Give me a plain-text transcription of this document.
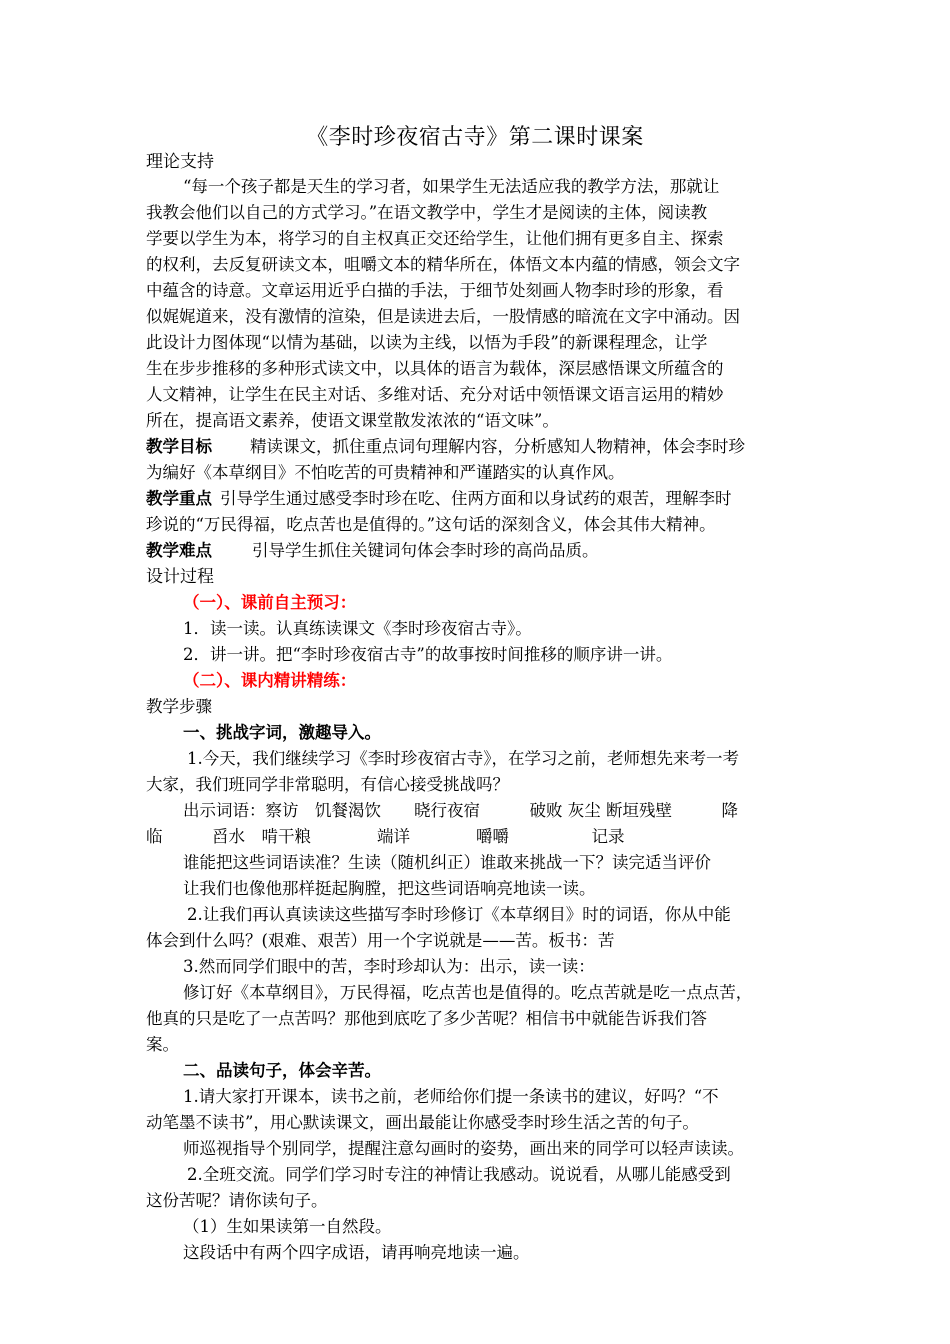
《李时珍夜宿古寺》第二课时课案
理论支持
“每一个孩子都是天生的学习者，如果学生无法适应我的教学方法，那就让
我教会他们以自己的方式学习。”在语文教学中，学生才是阅读的主体，阅读教
学要以学生为本，将学习的自主权真正交还给学生，让他们拥有更多自主、探索
的权利，去反复研读文本，咀嚼文本的精华所在，体悟文本内蕴的情感，领会文字
中蕴含的诗意。文章运用近乎白描的手法，于细节处刻画人物李时珍的形象，看
似娓娓道来，没有激情的渲染，但是读进去后，一股情感的暗流在文字中涌动。因
此设计力图体现“以情为基础，以读为主线，以悟为手段”的新课程理念，让学
生在步步推移的多种形式读文中，以具体的语言为载体，深层感悟课文所蕴含的
人文精神，让学生在民主对话、多维对话、充分对话中领悟课文语言运用的精妙
所在，提高语文素养，使语文课堂散发浓浓的“语文味”。
教学目标 精读课文，抓住重点词句理解内容，分析感知人物精神，体会李时珍
为编好《本草纲目》不怕吃苦的可贵精神和严谨踏实的认真作风。
教学重点 引导学生通过感受李时珍在吃、住两方面和以身试药的艰苦，理解李时
珍说的“万民得福，吃点苦也是值得的。”这句话的深刻含义，体会其伟大精神。
教学难点 引导学生抓住关键词句体会李时珍的高尚品质。
设计过程
（一）、课前自主预习：
1．读一读。认真练读课文《李时珍夜宿古寺》。
2．讲一讲。把“李时珍夜宿古寺”的故事按时间推移的顺序讲一讲。
（二）、课内精讲精练：
教学步骤
一、挑战字词，激趣导入。
1.今天，我们继续学习《李时珍夜宿古寺》，在学习之前，老师想先来考一考
大家，我们班同学非常聪明，有信心接受挑战吗？
出示词语：察访　饥餐渴饮　　晓行夜宿　　　破败 灰尘 断垣残壁　　　降
临　　　舀水　啃干粮　　　　端详　　　　嚼嚼　　　　　记录
谁能把这些词语读准？生读（随机纠正）谁敢来挑战一下？读完适当评价
让我们也像他那样挺起胸膛，把这些词语响亮地读一读。
2.让我们再认真读读这些描写李时珍修订《本草纲目》时的词语，你从中能
体会到什么吗？(艰难、艰苦）用一个字说就是——苦。板书：苦
3.然而同学们眼中的苦，李时珍却认为：出示，读一读：
修订好《本草纲目》，万民得福，吃点苦也是值得的。吃点苦就是吃一点点苦，
他真的只是吃了一点苦吗？那他到底吃了多少苦呢？相信书中就能告诉我们答
案。
二、品读句子，体会辛苦。
1.请大家打开课本，读书之前，老师给你们提一条读书的建议，好吗？“不
动笔墨不读书”，用心默读课文，画出最能让你感受李时珍生活之苦的句子。
师巡视指导个别同学，提醒注意勾画时的姿势，画出来的同学可以轻声读读。
2.全班交流。同学们学习时专注的神情让我感动。说说看，从哪儿能感受到
这份苦呢？请你读句子。
（1）生如果读第一自然段。
这段话中有两个四字成语，请再响亮地读一遍。
